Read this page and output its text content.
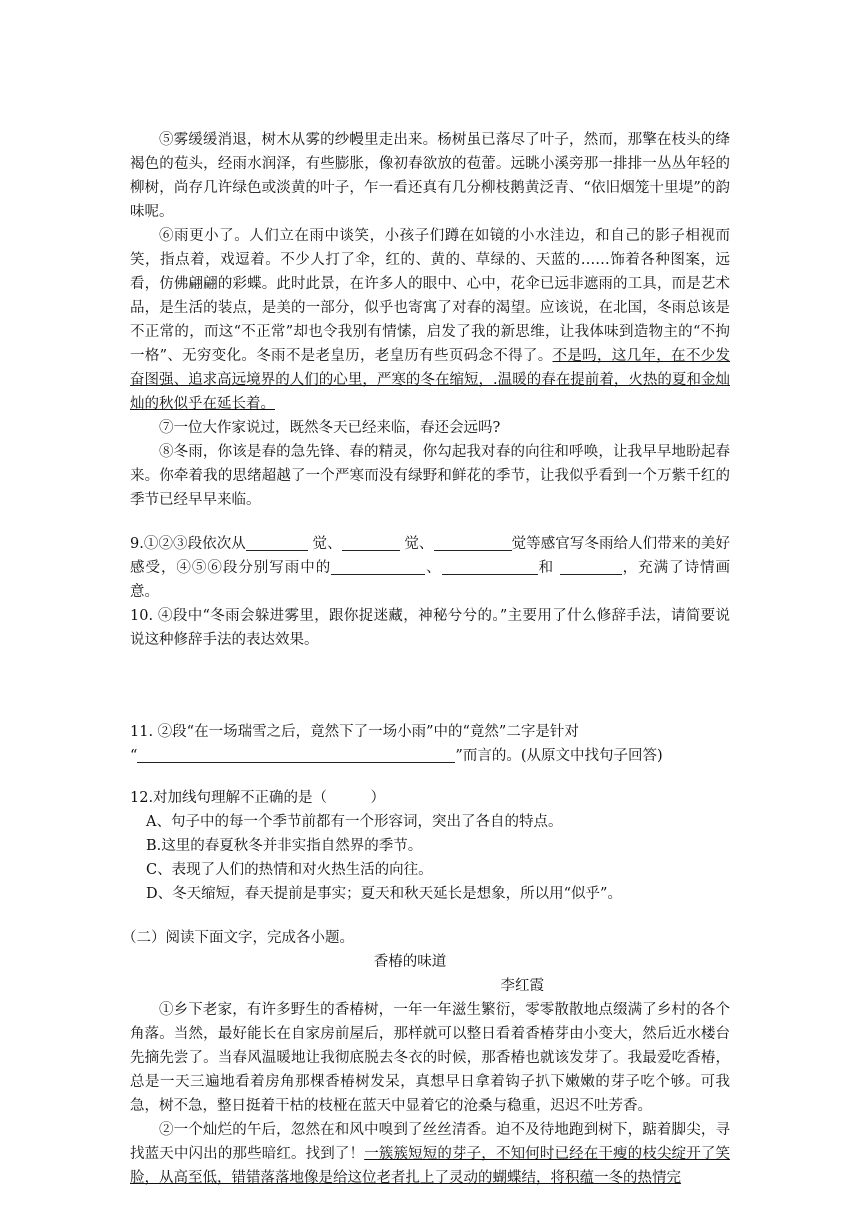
⑤雾缓缓消退，树木从雾的纱幔里走出来。杨树虽已落尽了叶子，然而，那擎在枝头的绛褐色的苞头，经雨水润泽，有些膨胀，像初春欲放的苞蕾。远眺小溪旁那一排排一丛丛年轻的柳树，尚存几许绿色或淡黄的叶子，乍一看还真有几分柳枝鹅黄泛青、“依旧烟笼十里堤”的韵味呢。

⑥雨更小了。人们立在雨中谈笑，小孩子们蹲在如镜的小水洼边，和自己的影子相视而笑，指点着，戏逗着。不少人打了伞，红的、黄的、草绿的、天蓝的……饰着各种图案，远看，仿佛翩翩的彩蝶。此时此景，在许多人的眼中、心中，花伞已远非遮雨的工具，而是艺术品，是生活的装点，是美的一部分，似乎也寄寓了对春的渴望。应该说，在北国，冬雨总该是不正常的，而这“不正常”却也令我别有情愫，启发了我的新思维，让我体味到造物主的“不拘一格”、无穷变化。冬雨不是老皇历，老皇历有些页码念不得了。不是吗，这几年，在不少发奋图强、追求高远境界的人们的心里，严寒的冬在缩短，.温暖的春在提前着，火热的夏和金灿灿的秋似乎在延长着。

⑦一位大作家说过，既然冬天已经来临，春还会远吗?

⑧冬雨，你该是春的急先锋、春的精灵，你勾起我对春的向往和呼唤，让我早早地盼起春来。你牵着我的思绪超越了一个严寒而没有绿野和鲜花的季节，让我似乎看到一个万紫千红的季节已经早早来临。

9.①②③段依次从	觉、	觉、	觉等感官写冬雨给人们带来的美好感受，④⑤⑥段分别写雨中的	、	和	，充满了诗情画意。

10. ④段中“冬雨会躲进雾里，跟你捉迷藏，神秘兮兮的。”主要用了什么修辞手法，请简要说说这种修辞手法的表达效果。

11. ②段“在一场瑞雪之后，竟然下了一场小雨”中的“竟然”二字是针对

“	”而言的。(从原文中找句子回答)

12.对加线句理解不正确的是（　　　）

A、句子中的每一个季节前都有一个形容词，突出了各自的特点。

B.这里的春夏秋冬并非实指自然界的季节。

C、表现了人们的热情和对火热生活的向往。

D、冬天缩短，春天提前是事实；夏天和秋天延长是想象，所以用“似乎”。

（二）阅读下面文字，完成各小题。

香椿的味道

李红霞

①乡下老家，有许多野生的香椿树，一年一年滋生繁衍，零零散散地点缀满了乡村的各个角落。当然，最好能长在自家房前屋后，那样就可以整日看着香椿芽由小变大，然后近水楼台先摘先尝了。当春风温暖地让我彻底脱去冬衣的时候，那香椿也就该发芽了。我最爱吃香椿，总是一天三遍地看着房角那棵香椿树发呆，真想早日拿着钩子扒下嫩嫩的芽子吃个够。可我急，树不急，整日挺着干枯的枝桠在蓝天中显着它的沧桑与稳重，迟迟不吐芳香。

②一个灿烂的午后，忽然在和风中嗅到了丝丝清香。迫不及待地跑到树下，踮着脚尖，寻找蓝天中闪出的那些暗红。找到了！一簇簇短短的芽子，不知何时已经在干瘦的枝尖绽开了笑脸，从高至低，错错落落地像是给这位老者扎上了灵动的蝴蝶结，将积蕴一冬的热情完
